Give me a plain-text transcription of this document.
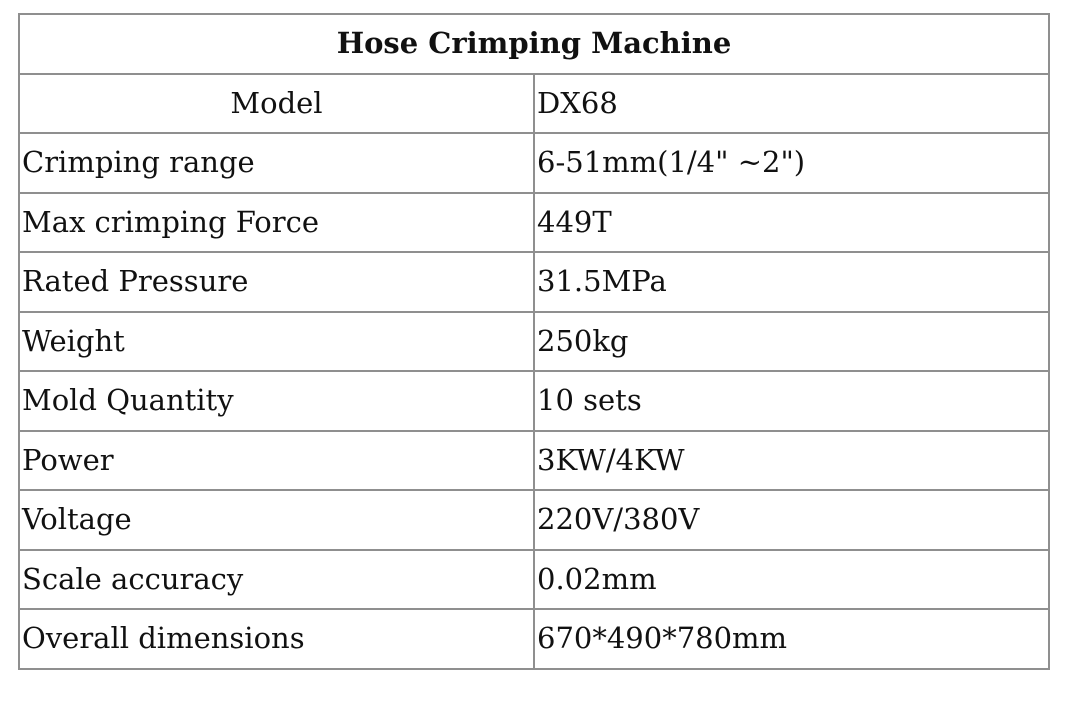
Hose Crimping Machine	
Model	DX68
Crimping range	6-51mm(1/4" ~2")
Max crimping Force	449T
Rated Pressure	31.5MPa
Weight	250kg
Mold Quantity	10 sets
Power	3KW/4KW
Voltage	220V/380V
Scale accuracy	0.02mm
Overall dimensions	670*490*780mm
